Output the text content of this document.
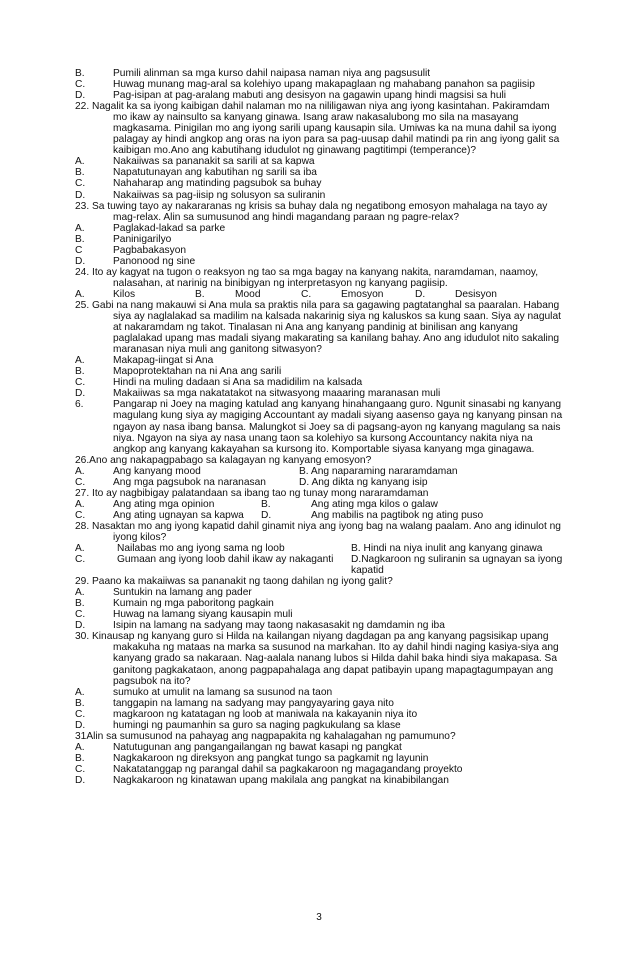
B.	Pumili alinman sa mga kurso dahil naipasa naman niya ang pagsusulit
C.	Huwag munang mag-aral sa kolehiyo upang makapaglaan ng mahabang panahon sa pagiisip
D.	Pag-isipan at pag-aralang mabuti ang desisyon na gagawin upang hindi magsisi sa huli
22. Nagalit ka sa iyong kaibigan dahil nalaman mo na nililigawan niya ang iyong kasintahan. Pakiramdam mo ikaw ay nainsulto sa kanyang ginawa. Isang araw nakasalubong mo sila na masayang magkasama. Pinigilan mo ang iyong sarili upang kausapin sila. Umiwas ka na muna dahil sa iyong palagay ay hindi angkop ang oras na iyon para sa pag-uusap dahil matindi pa rin ang iyong galit sa kaibigan mo.Ano ang kabutihang idudulot ng ginawang pagtitimpi (temperance)?
A.	Nakaiiwas sa pananakit sa sarili at sa kapwa
B.	Napatutunayan ang kabutihan ng sarili sa iba
C.	Nahaharap ang matinding pagsubok sa buhay
D.	Nakaiiwas sa pag-iisip ng solusyon sa suliranin
23. Sa tuwing tayo ay nakararanas ng krisis sa buhay dala ng negatibong emosyon mahalaga na tayo ay mag-relax. Alin sa sumusunod ang hindi magandang paraan ng pagre-relax?
A.	Paglakad-lakad sa parke
B.	Paninigarilyo
C	Pagbabakasyon
D.	Panonood ng sine
24. Ito ay kagyat na tugon o reaksyon ng tao sa mga bagay na kanyang nakita, naramdaman, naamoy, nalasahan, at narinig na binibigyan ng interpretasyon ng kanyang pagiisip.
A.	Kilos	B.	Mood	C.	Emosyon	D.	Desisyon
25. Gabi na nang makauwi si Ana mula sa praktis nila para sa gagawing pagtatanghal sa paaralan. Habang siya ay naglalakad sa madilim na kalsada nakarinig siya ng kaluskos sa kung saan. Siya ay nagulat at nakaramdam ng takot. Tinalasan ni Ana ang kanyang pandinig at binilisan ang kanyang paglalakad upang mas madali siyang makarating sa kanilang bahay. Ano ang idudulot nito sakaling maranasan niya muli ang ganitong sitwasyon?
A.	Makapag-iingat si Ana
B.	Mapoprotektahan na ni Ana ang sarili
C.	Hindi na muling dadaan si Ana sa madidilim na kalsada
D.	Makaiiwas sa mga nakatatakot na sitwasyong maaaring maranasan muli
6.	Pangarap ni Joey na maging katulad ang kanyang hinahangaang guro. Ngunit sinasabi ng kanyang magulang kung siya ay magiging Accountant ay madali siyang aasenso gaya ng kanyang pinsan na ngayon ay nasa ibang bansa. Malungkot si Joey sa di pagsang-ayon ng kanyang magulang sa nais niya. Ngayon na siya ay nasa unang taon sa kolehiyo sa kursong Accountancy nakita niya na angkop ang kanyang kakayahan sa kursong ito. Komportable siyasa kanyang mga ginagawa.
26.Ano ang nakapagpabago sa kalagayan ng kanyang emosyon?
A.	Ang kanyang mood	B. Ang naparaming nararamdaman
C.	Ang mga pagsubok na naranasan	D. Ang dikta ng kanyang isip
27. Ito ay nagbibigay palatandaan sa ibang tao ng tunay mong nararamdaman
A.	Ang ating mga opinion	B.	Ang ating mga kilos o galaw
C.	Ang ating ugnayan sa kapwa D.	Ang mabilis na pagtibok ng ating puso
28. Nasaktan mo ang iyong kapatid dahil ginamit niya ang iyong bag na walang paalam. Ano ang idinulot ng iyong kilos?
A.	Nailabas mo ang iyong sama ng loob	B. Hindi na niya inulit ang kanyang ginawa
C.	Gumaan ang iyong loob dahil ikaw ay nakaganti	D.Nagkaroon ng suliranin sa ugnayan sa iyong kapatid
29. Paano ka makaiiwas sa pananakit ng taong dahilan ng iyong galit?
A.	Suntukin na lamang ang pader
B.	Kumain ng mga paboritong pagkain
C.	Huwag na lamang siyang kausapin muli
D.	Isipin na lamang na sadyang may taong nakasasakit ng damdamin ng iba
30. Kinausap ng kanyang guro si Hilda na kailangan niyang dagdagan pa ang kanyang pagsisikap upang makakuha ng mataas na marka sa susunod na markahan. Ito ay dahil hindi naging kasiya-siya ang kanyang grado sa nakaraan. Nag-aalala nanang lubos si Hilda dahil baka hindi siya makapasa. Sa ganitong pagkakataon, anong pagpapahalaga ang dapat patibayin upang mapagtagumpayan ang pagsubok na ito?
A.	sumuko at umulit na lamang sa susunod na taon
B.	tanggapin na lamang na sadyang may pangyayaring gaya nito
C.	magkaroon ng katatagan ng loob at maniwala na kakayanin niya ito
D.	humingi ng paumanhin sa guro sa naging pagkukulang sa klase
31Alin sa sumusunod na pahayag ang nagpapakita ng kahalagahan ng pamumuno?
A.	Natutugunan ang pangangailangan ng bawat kasapi ng pangkat
B.	Nagkakaroon ng direksyon ang pangkat tungo sa pagkamit ng layunin
C.	Nakatatanggap ng parangal dahil sa pagkakaroon ng magagandang proyekto
D.	Nagkakaroon ng kinatawan upang makilala ang pangkat na kinabibilangan
3
